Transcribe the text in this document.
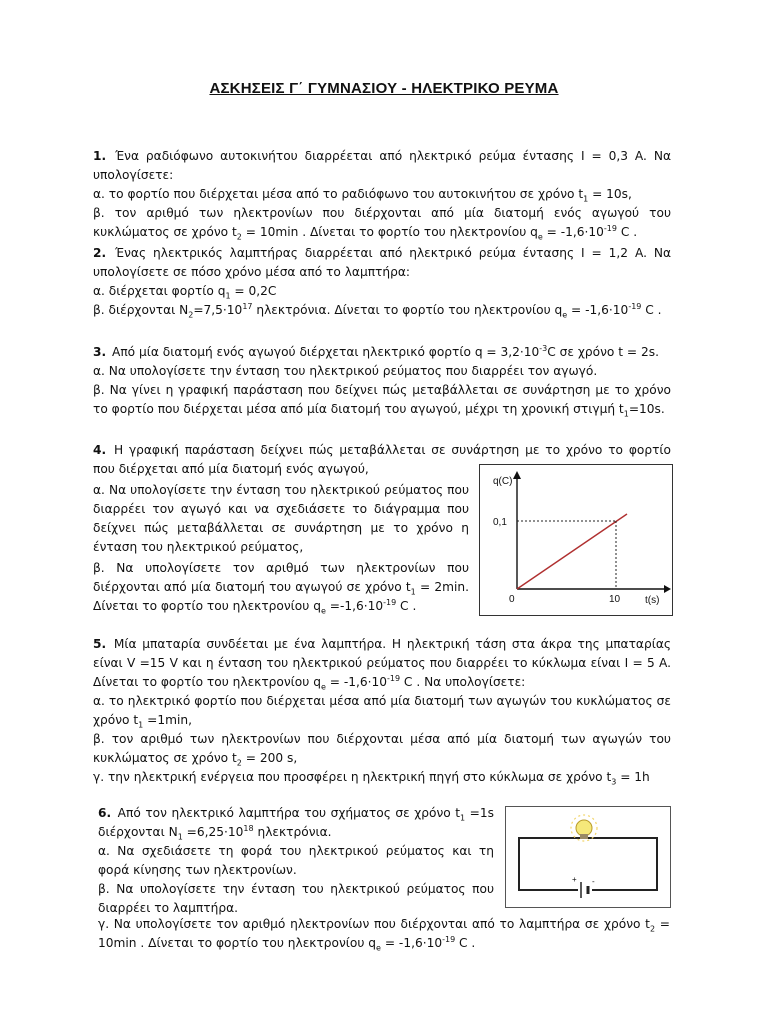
ΑΣΚΗΣΕΙΣ Γ΄ ΓΥΜΝΑΣΙΟΥ - ΗΛΕΚΤΡΙΚΟ ΡΕΥΜΑ

1. Ένα ραδιόφωνο αυτοκινήτου διαρρέεται από ηλεκτρικό ρεύμα έντασης I = 0,3 A. Να υπολογίσετε:

α. το φορτίο που διέρχεται μέσα από το ραδιόφωνο του αυτοκινήτου σε χρόνο $t_1 = 10s$,

β. τον αριθμό των ηλεκτρονίων που διέρχονται από μία διατομή ενός αγωγού του κυκλώματος σε χρόνο $t_2 = 10\min$ . Δίνεται το φορτίο του ηλεκτρονίου $q_e = -1,6\cdot 10^{-19}$ C .

2. Ένας ηλεκτρικός λαμπτήρας διαρρέεται από ηλεκτρικό ρεύμα έντασης I = 1,2 A. Να υπολογίσετε σε πόσο χρόνο μέσα από το λαμπτήρα:

α. διέρχεται φορτίο $q_1 = 0,2C$

β. διέρχονται $N_2=7,5\cdot 10^{17}$ ηλεκτρόνια. Δίνεται το φορτίο του ηλεκτρονίου $q_e = -1,6\cdot 10^{-19}$ C .

3. Από μία διατομή ενός αγωγού διέρχεται ηλεκτρικό φορτίο $q = 3,2\cdot 10^{-3}C$ σε χρόνο t = 2s.

α. Να υπολογίσετε την ένταση του ηλεκτρικού ρεύματος που διαρρέει τον αγωγό.

β. Να γίνει η γραφική παράσταση που δείχνει πώς μεταβάλλεται σε συνάρτηση με το χρόνο το φορτίο που διέρχεται μέσα από μία διατομή του αγωγού, μέχρι τη χρονική στιγμή $t_1=10s$.

4. Η γραφική παράσταση δείχνει πώς μεταβάλλεται σε συνάρτηση με το χρόνο το φορτίο που διέρχεται από μία διατομή ενός αγωγού,

α. Να υπολογίσετε την ένταση του ηλεκτρικού ρεύματος που διαρρέει τον αγωγό και να σχεδιάσετε το διάγραμμα που δείχνει πώς μεταβάλλεται σε συνάρτηση με το χρόνο η ένταση του ηλεκτρικού ρεύματος,

β. Να υπολογίσετε τον αριθμό των ηλεκτρονίων που διέρχονται από μία διατομή του αγωγού σε χρόνο $t_1 = 2\min$. Δίνεται το φορτίο του ηλεκτρονίου $q_e =-1,6\cdot 10^{-19}$ C .

q(C)
0,1
0	10 t(s)

5. Μία μπαταρία συνδέεται με ένα λαμπτήρα. Η ηλεκτρική τάση στα άκρα της μπαταρίας είναι V =15 V και η ένταση του ηλεκτρικού ρεύματος που διαρρέει το κύκλωμα είναι I = 5 A. Δίνεται το φορτίο του ηλεκτρονίου $q_e = -1,6\cdot 10^{-19}$ C . Να υπολογίσετε:

α. το ηλεκτρικό φορτίο που διέρχεται μέσα από μία διατομή των αγωγών του κυκλώματος σε χρόνο $t_1 =1\min$,

β. τον αριθμό των ηλεκτρονίων που διέρχονται μέσα από μία διατομή των αγωγών του κυκλώματος σε χρόνο $t_2 = 200$ s,

γ. την ηλεκτρική ενέργεια που προσφέρει η ηλεκτρική πηγή στο κύκλωμα σε χρόνο $t_3 = 1h$

6. Από τον ηλεκτρικό λαμπτήρα του σχήματος σε χρόνο $t_1 =1s$ διέρχονται $N_1 =6,25\cdot 10^{18}$ ηλεκτρόνια.

α. Να σχεδιάσετε τη φορά του ηλεκτρικού ρεύματος και τη φορά κίνησης των ηλεκτρονίων.

β. Να υπολογίσετε την ένταση του ηλεκτρικού ρεύματος που διαρρέει το λαμπτήρα.

γ. Να υπολογίσετε τον αριθμό ηλεκτρονίων που διέρχονται από το λαμπτήρα σε χρόνο $t_2 = 10\min$ . Δίνεται το φορτίο του ηλεκτρονίου $q_e = -1,6\cdot 10^{-19}$ C .

+ -
